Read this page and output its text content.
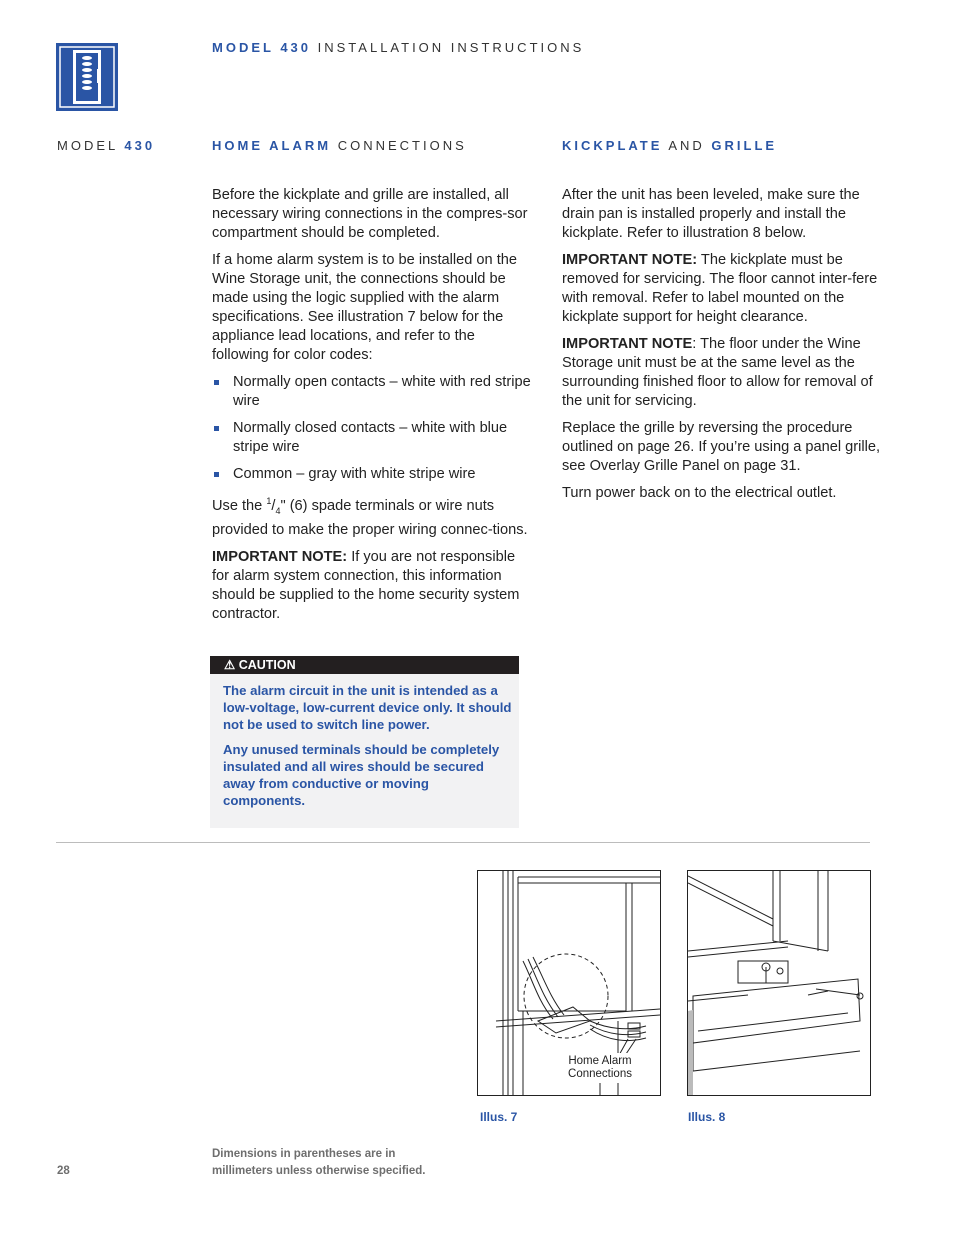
MODEL 430 INSTALLATION INSTRUCTIONS
MODEL 430	HOME ALARM CONNECTIONS	KICKPLATE AND GRILLE

Before the kickplate and grille are installed, all necessary wiring connections in the compres-sor compartment should be completed.

If a home alarm system is to be installed on the Wine Storage unit, the connections should be made using the logic supplied with the alarm specifications. See illustration 7 below for the appliance lead locations, and refer to the following for color codes:

Normally open contacts – white with red stripe wire
Normally closed contacts – white with blue stripe wire
Common – gray with white stripe wire

Use the $^1/_4$" (6) spade terminals or wire nuts provided to make the proper wiring connec-tions.

IMPORTANT NOTE: If you are not responsible for alarm system connection, this information should be supplied to the home security system contractor.

⚠ CAUTION

The alarm circuit in the unit is intended as a low-voltage, low-current device only. It should not be used to switch line power.

Any unused terminals should be completely insulated and all wires should be secured away from conductive or moving components.

After the unit has been leveled, make sure the drain pan is installed properly and install the kickplate. Refer to illustration 8 below.

IMPORTANT NOTE: The kickplate must be removed for servicing. The floor cannot inter-fere with removal. Refer to label mounted on the kickplate support for height clearance.

IMPORTANT NOTE: The floor under the Wine Storage unit must be at the same level as the surrounding finished floor to allow for removal of the unit for servicing.

Replace the grille by reversing the procedure outlined on page 26. If you’re using a panel grille, see Overlay Grille Panel on page 31.

Turn power back on to the electrical outlet.

Home Alarm
Connections
Illus. 7	Illus. 8
28
Dimensions in parentheses are in
millimeters unless otherwise specified.
